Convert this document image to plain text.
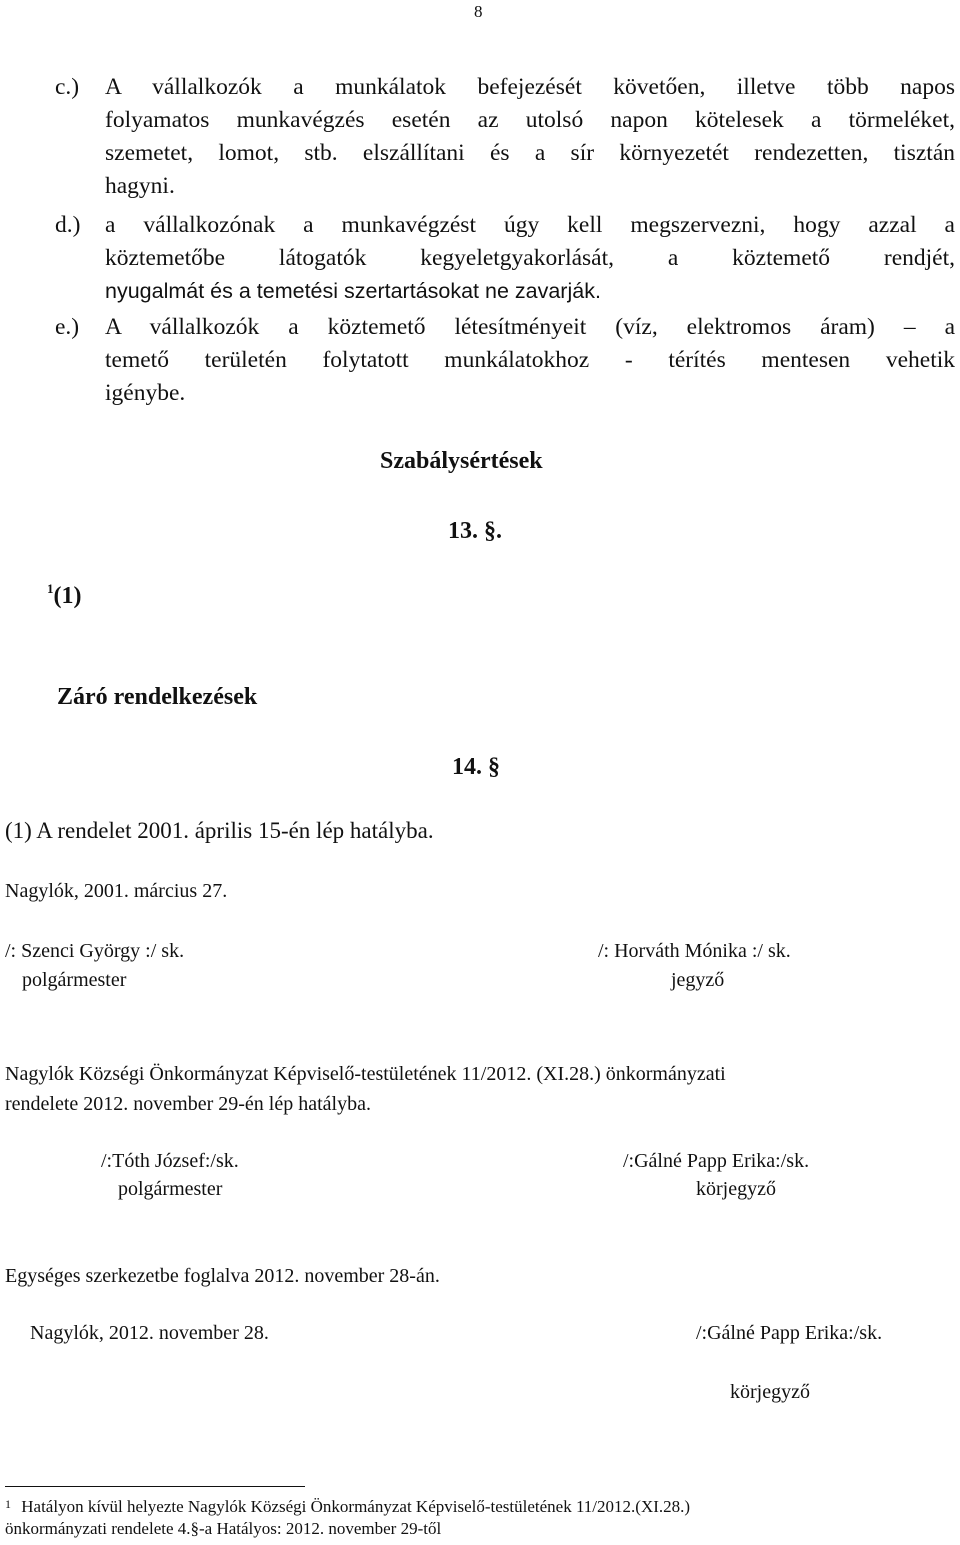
8
c.) A vállalkozók a munkálatok befejezését követően, illetve több napos
folyamatos munkavégzés esetén az utolsó napon kötelesek a törmeléket,
szemetet, lomot, stb. elszállítani és a sír környezetét rendezetten, tisztán
hagyni.
d.) a vállalkozónak a munkavégzést úgy kell megszervezni, hogy azzal a
köztemetőbe látogatók kegyeletgyakorlását, a köztemető rendjét,
nyugalmát és a temetési szertartásokat ne zavarják.
e.) A vállalkozók a köztemető létesítményeit (víz, elektromos áram) – a
temető területén folytatott munkálatokhoz - térítés mentesen vehetik
igénybe.
Szabálysértések
13. §.
$^1$(1)
Záró rendelkezések
14. §
(1) A rendelet 2001. április 15-én lép hatályba.
Nagylók, 2001. március 27.
/: Szenci György :/ sk.
polgármester
/: Horváth Mónika :/ sk.
jegyző
Nagylók Községi Önkormányzat Képviselő-testületének 11/2012. (XI.28.) önkormányzati
rendelete 2012. november 29-én lép hatályba.
/:Tóth József:/sk.
polgármester
/:Gálné Papp Erika:/sk.
körjegyző
Egységes szerkezetbe foglalva 2012. november 28-án.
Nagylók, 2012. november 28.	/:Gálné Papp Erika:/sk.
körjegyző
$^1$ Hatályon kívül helyezte Nagylók Községi Önkormányzat Képviselő-testületének 11/2012.(XI.28.)
önkormányzati rendelete 4.§-a Hatályos: 2012. november 29-től
